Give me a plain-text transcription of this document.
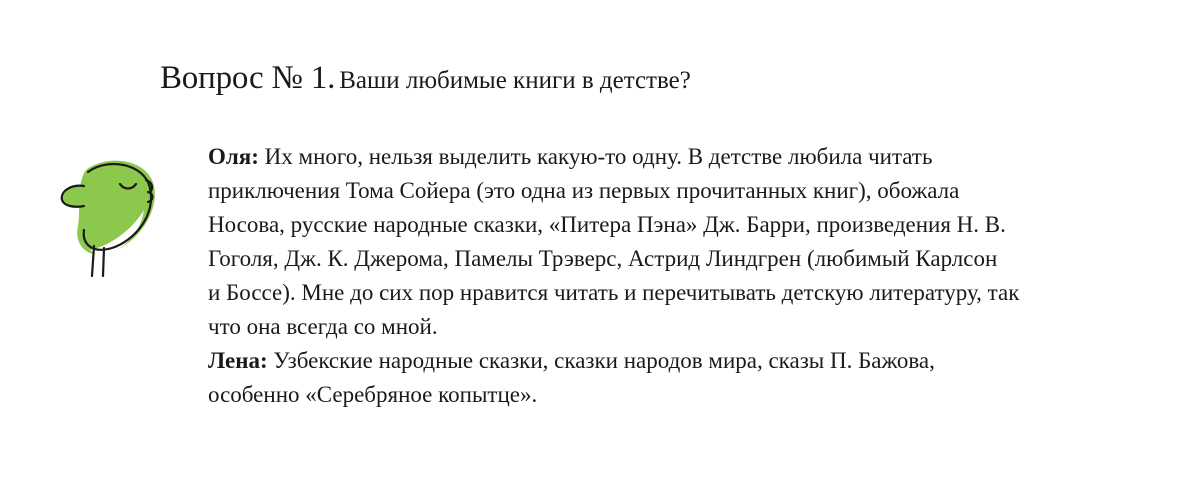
Вопрос № 1. Ваши любимые книги в детстве?

Оля: Их много, нельзя выделить какую-то одну. В детстве любила читать
приключения Тома Сойера (это одна из первых прочитанных книг), обожала
Носова, русские народные сказки, «Питера Пэна» Дж. Барри, произведения Н. В.
Гоголя, Дж. К. Джерома, Памелы Трэверс, Астрид Линдгрен (любимый Карлсон
и Боссе). Мне до сих пор нравится читать и перечитывать детскую литературу, так
что она всегда со мной.

Лена: Узбекские народные сказки, сказки народов мира, сказы П. Бажова,
особенно «Серебряное копытце».
